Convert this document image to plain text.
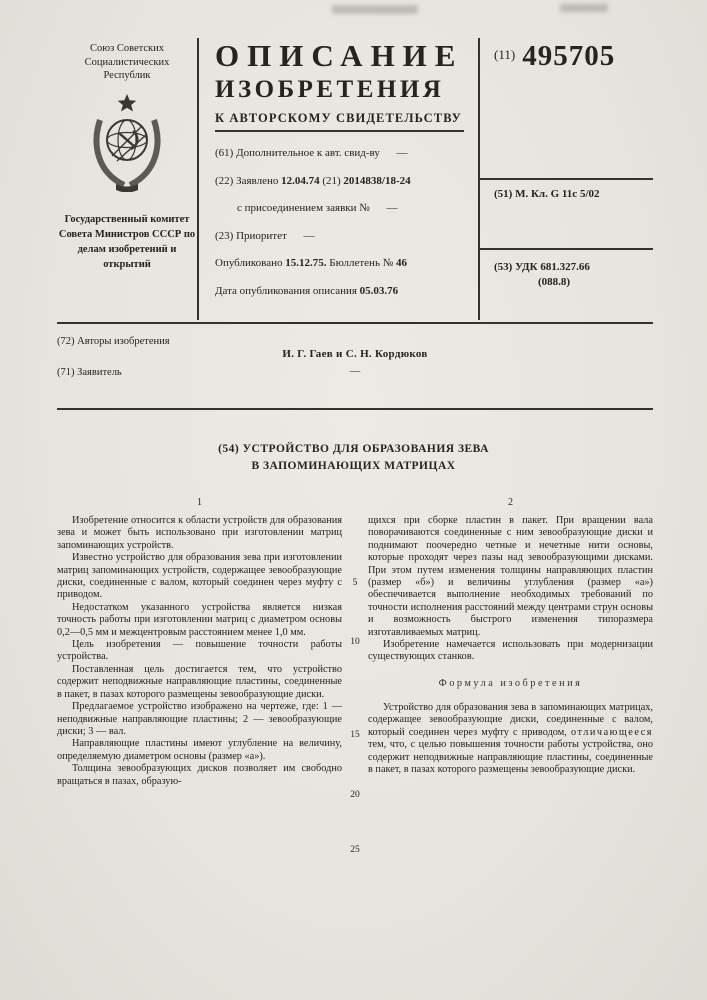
Союз Советских Социалистических Республик
Государственный комитет Совета Министров СССР по делам изобретений и открытий
ОПИСАНИЕ
ИЗОБРЕТЕНИЯ
К АВТОРСКОМУ СВИДЕТЕЛЬСТВУ
(61) Дополнительное к авт. свид-ву —
(22) Заявлено 12.04.74 (21) 2014838/18-24
с присоединением заявки № —
(23) Приоритет —
Опубликовано 15.12.75. Бюллетень № 46
Дата опубликования описания 05.03.76
(11) 495705
(51) М. Кл. G 11c 5/02
(53) УДК 681.327.66
(088.8)
(72) Авторы изобретения
И. Г. Гаев и С. Н. Кордюков
(71) Заявитель	—
(54) УСТРОЙСТВО ДЛЯ ОБРАЗОВАНИЯ ЗЕВА
В ЗАПОМИНАЮЩИХ МАТРИЦАХ
1	2

Изобретение относится к области устройств для образования зева и может быть использовано при изготовлении матриц запоминающих устройств.

Известно устройство для образования зева при изготовлении матриц запоминающих устройств, содержащее зевообразующие диски, соединенные с валом, который соединен через муфту с приводом.

Недостатком указанного устройства является низкая точность работы при изготовлении матриц с диаметром основы 0,2—0,5 мм и межцентровым расстоянием менее 1,0 мм.

Цель изобретения — повышение точности работы устройства.

Поставленная цель достигается тем, что устройство содержит неподвижные направляющие пластины, соединенные в пакет, в пазах которого размещены зевообразующие диски.

Предлагаемое устройство изображено на чертеже, где: 1 — неподвижные направляющие пластины; 2 — зевообразующие диски; 3 — вал.

Направляющие пластины имеют углубление на величину, определяемую диаметром основы (размер «а»).

Толщина зевообразующих дисков позволяет им свободно вращаться в пазах, образую-

5
10
15
20
25

щихся при сборке пластин в пакет. При вращении вала поворачиваются соединенные с ним зевообразующие диски и поднимают поочередно четные и нечетные нити основы, которые проходят через пазы над зевообразующими дисками. При этом путем изменения толщины направляющих пластин (размер «б») и величины углубления (размер «а») обеспечивается выполнение необходимых требований по точности исполнения расстояний между центрами струн основы и возможность быстрого изменения типоразмера изготавливаемых матриц.

Изобретение намечается использовать при модернизации существующих станков.

Формула изобретения

Устройство для образования зева в запоминающих матрицах, содержащее зевообразующие диски, соединенные с валом, который соединен через муфту с приводом, отличающееся тем, что, с целью повышения точности работы устройства, оно содержит неподвижные направляющие пластины, соединенные в пакет, в пазах которого размещены зевообразующие диски.
